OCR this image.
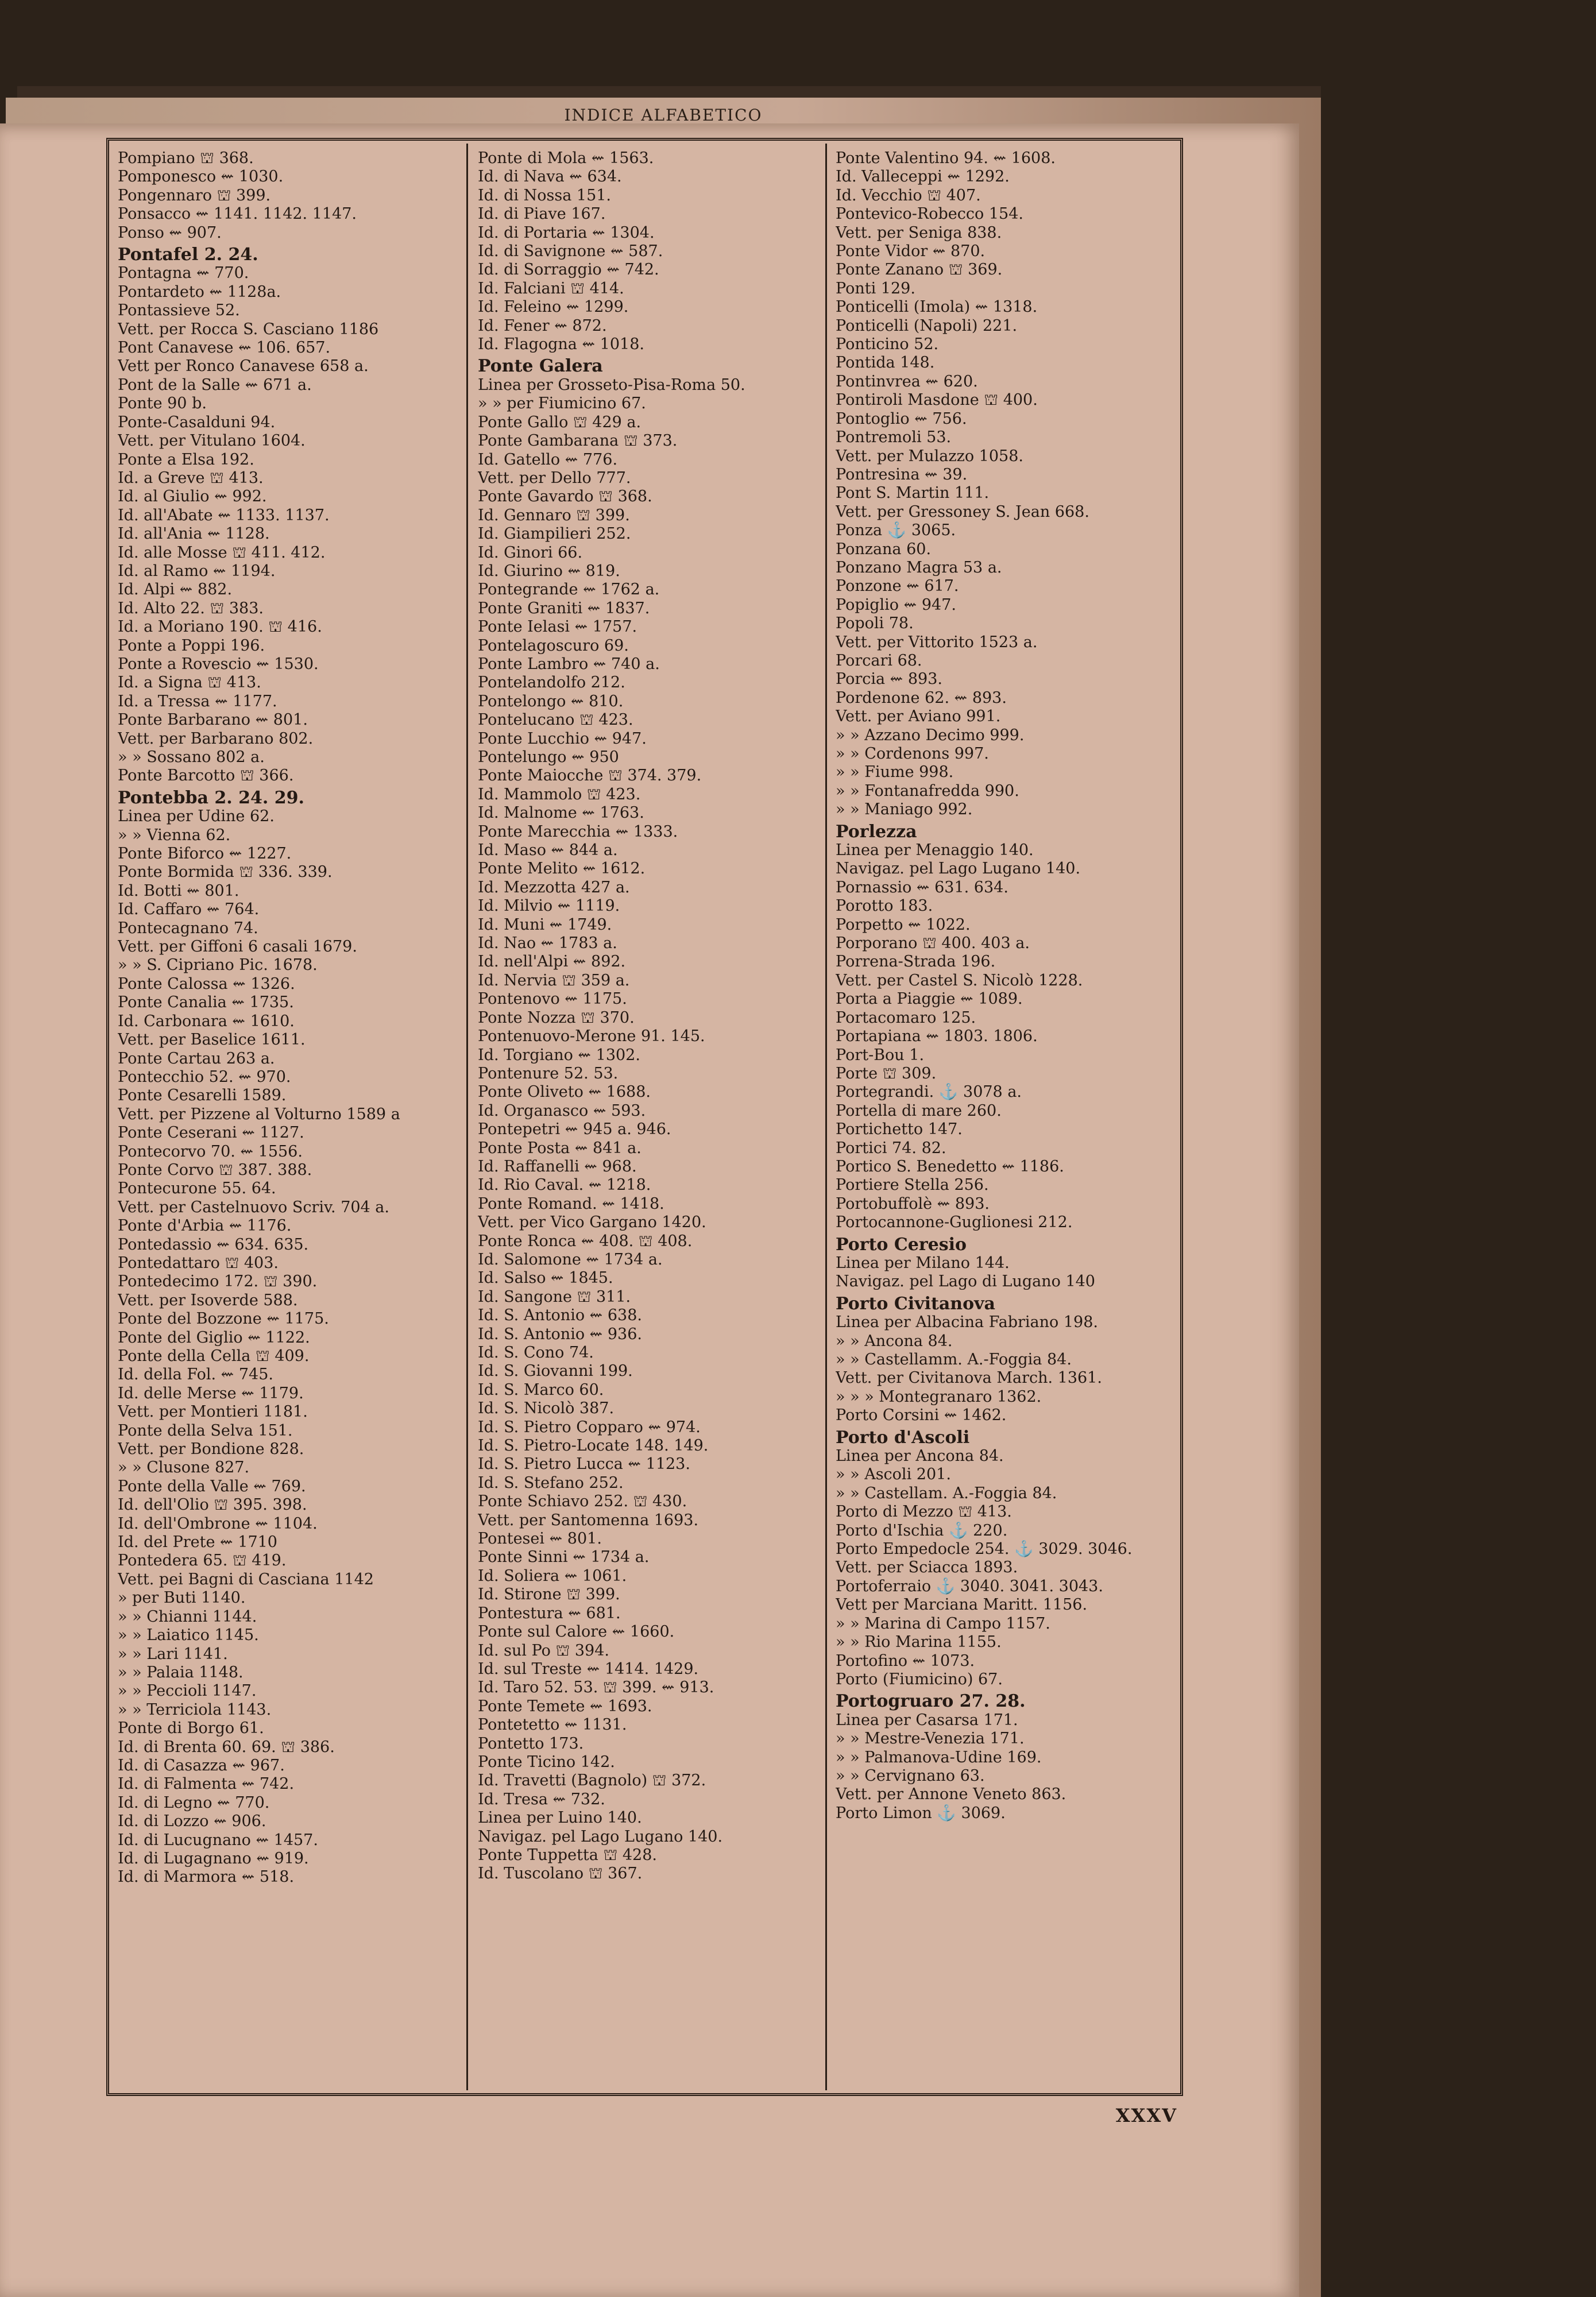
INDICE ALFABETICO
Pompiano ⛫ 368.
Pomponesco ⇜ 1030.
Pongennaro ⛫ 399.
Ponsacco ⇜ 1141. 1142. 1147.
Ponso ⇜ 907.
Pontafel 2. 24.
Pontagna ⇜ 770.
Pontardeto ⇜ 1128a.
Pontassieve 52.
Vett. per Rocca S. Casciano 1186
Pont Canavese ⇜ 106. 657.
Vett per Ronco Canavese 658 a.
Pont de la Salle ⇜ 671 a.
Ponte 90 b.
Ponte-Casalduni 94.
Vett. per Vitulano 1604.
Ponte a Elsa 192.
Id. a Greve ⛫ 413.
Id. al Giulio ⇜ 992.
Id. all'Abate ⇜ 1133. 1137.
Id. all'Ania ⇜ 1128.
Id. alle Mosse ⛫ 411. 412.
Id. al Ramo ⇜ 1194.
Id. Alpi ⇜ 882.
Id. Alto 22. ⛫ 383.
Id. a Moriano 190. ⛫ 416.
Ponte a Poppi 196.
Ponte a Rovescio ⇜ 1530.
Id. a Signa ⛫ 413.
Id. a Tressa ⇜ 1177.
Ponte Barbarano ⇜ 801.
Vett. per Barbarano 802.
» » Sossano 802 a.
Ponte Barcotto ⛫ 366.
Pontebba 2. 24. 29.
Linea per Udine 62.
» » Vienna 62.
Ponte Biforco ⇜ 1227.
Ponte Bormida ⛫ 336. 339.
Id. Botti ⇜ 801.
Id. Caffaro ⇜ 764.
Pontecagnano 74.
Vett. per Giffoni 6 casali 1679.
» » S. Cipriano Pic. 1678.
Ponte Calossa ⇜ 1326.
Ponte Canalia ⇜ 1735.
Id. Carbonara ⇜ 1610.
Vett. per Baselice 1611.
Ponte Cartau 263 a.
Pontecchio 52. ⇜ 970.
Ponte Cesarelli 1589.
Vett. per Pizzene al Volturno 1589 a
Ponte Ceserani ⇜ 1127.
Pontecorvo 70. ⇜ 1556.
Ponte Corvo ⛫ 387. 388.
Pontecurone 55. 64.
Vett. per Castelnuovo Scriv. 704 a.
Ponte d'Arbia ⇜ 1176.
Pontedassio ⇜ 634. 635.
Pontedattaro ⛫ 403.
Pontedecimo 172. ⛫ 390.
Vett. per Isoverde 588.
Ponte del Bozzone ⇜ 1175.
Ponte del Giglio ⇜ 1122.
Ponte della Cella ⛫ 409.
Id. della Fol. ⇜ 745.
Id. delle Merse ⇜ 1179.
Vett. per Montieri 1181.
Ponte della Selva 151.
Vett. per Bondione 828.
» » Clusone 827.
Ponte della Valle ⇜ 769.
Id. dell'Olio ⛫ 395. 398.
Id. dell'Ombrone ⇜ 1104.
Id. del Prete ⇜ 1710
Pontedera 65. ⛫ 419.
Vett. pei Bagni di Casciana 1142
» per Buti 1140.
» » Chianni 1144.
» » Laiatico 1145.
» » Lari 1141.
» » Palaia 1148.
» » Peccioli 1147.
» » Terriciola 1143.
Ponte di Borgo 61.
Id. di Brenta 60. 69. ⛫ 386.
Id. di Casazza ⇜ 967.
Id. di Falmenta ⇜ 742.
Id. di Legno ⇜ 770.
Id. di Lozzo ⇜ 906.
Id. di Lucugnano ⇜ 1457.
Id. di Lugagnano ⇜ 919.
Id. di Marmora ⇜ 518.
Ponte di Mola ⇜ 1563.
Id. di Nava ⇜ 634.
Id. di Nossa 151.
Id. di Piave 167.
Id. di Portaria ⇜ 1304.
Id. di Savignone ⇜ 587.
Id. di Sorraggio ⇜ 742.
Id. Falciani ⛫ 414.
Id. Feleino ⇜ 1299.
Id. Fener ⇜ 872.
Id. Flagogna ⇜ 1018.
Ponte Galera
Linea per Grosseto-Pisa-Roma 50.
» » per Fiumicino 67.
Ponte Gallo ⛫ 429 a.
Ponte Gambarana ⛫ 373.
Id. Gatello ⇜ 776.
Vett. per Dello 777.
Ponte Gavardo ⛫ 368.
Id. Gennaro ⛫ 399.
Id. Giampilieri 252.
Id. Ginori 66.
Id. Giurino ⇜ 819.
Pontegrande ⇜ 1762 a.
Ponte Graniti ⇜ 1837.
Ponte Ielasi ⇜ 1757.
Pontelagoscuro 69.
Ponte Lambro ⇜ 740 a.
Pontelandolfo 212.
Pontelongo ⇜ 810.
Pontelucano ⛫ 423.
Ponte Lucchio ⇜ 947.
Pontelungo ⇜ 950
Ponte Maiocche ⛫ 374. 379.
Id. Mammolo ⛫ 423.
Id. Malnome ⇜ 1763.
Ponte Marecchia ⇜ 1333.
Id. Maso ⇜ 844 a.
Ponte Melito ⇜ 1612.
Id. Mezzotta 427 a.
Id. Milvio ⇜ 1119.
Id. Muni ⇜ 1749.
Id. Nao ⇜ 1783 a.
Id. nell'Alpi ⇜ 892.
Id. Nervia ⛫ 359 a.
Pontenovo ⇜ 1175.
Ponte Nozza ⛫ 370.
Pontenuovo-Merone 91. 145.
Id. Torgiano ⇜ 1302.
Pontenure 52. 53.
Ponte Oliveto ⇜ 1688.
Id. Organasco ⇜ 593.
Pontepetri ⇜ 945 a. 946.
Ponte Posta ⇜ 841 a.
Id. Raffanelli ⇜ 968.
Id. Rio Caval. ⇜ 1218.
Ponte Romand. ⇜ 1418.
Vett. per Vico Gargano 1420.
Ponte Ronca ⇜ 408. ⛫ 408.
Id. Salomone ⇜ 1734 a.
Id. Salso ⇜ 1845.
Id. Sangone ⛫ 311.
Id. S. Antonio ⇜ 638.
Id. S. Antonio ⇜ 936.
Id. S. Cono 74.
Id. S. Giovanni 199.
Id. S. Marco 60.
Id. S. Nicolò 387.
Id. S. Pietro Copparo ⇜ 974.
Id. S. Pietro-Locate 148. 149.
Id. S. Pietro Lucca ⇜ 1123.
Id. S. Stefano 252.
Ponte Schiavo 252. ⛫ 430.
Vett. per Santomenna 1693.
Pontesei ⇜ 801.
Ponte Sinni ⇜ 1734 a.
Id. Soliera ⇜ 1061.
Id. Stirone ⛫ 399.
Pontestura ⇜ 681.
Ponte sul Calore ⇜ 1660.
Id. sul Po ⛫ 394.
Id. sul Treste ⇜ 1414. 1429.
Id. Taro 52. 53. ⛫ 399. ⇜ 913.
Ponte Temete ⇜ 1693.
Pontetetto ⇜ 1131.
Pontetto 173.
Ponte Ticino 142.
Id. Travetti (Bagnolo) ⛫ 372.
Id. Tresa ⇜ 732.
Linea per Luino 140.
Navigaz. pel Lago Lugano 140.
Ponte Tuppetta ⛫ 428.
Id. Tuscolano ⛫ 367.
Ponte Valentino 94. ⇜ 1608.
Id. Valleceppi ⇜ 1292.
Id. Vecchio ⛫ 407.
Pontevico-Robecco 154.
Vett. per Seniga 838.
Ponte Vidor ⇜ 870.
Ponte Zanano ⛫ 369.
Ponti 129.
Ponticelli (Imola) ⇜ 1318.
Ponticelli (Napoli) 221.
Ponticino 52.
Pontida 148.
Pontinvrea ⇜ 620.
Pontiroli Masdone ⛫ 400.
Pontoglio ⇜ 756.
Pontremoli 53.
Vett. per Mulazzo 1058.
Pontresina ⇜ 39.
Pont S. Martin 111.
Vett. per Gressoney S. Jean 668.
Ponza ⚓ 3065.
Ponzana 60.
Ponzano Magra 53 a.
Ponzone ⇜ 617.
Popiglio ⇜ 947.
Popoli 78.
Vett. per Vittorito 1523 a.
Porcari 68.
Porcia ⇜ 893.
Pordenone 62. ⇜ 893.
Vett. per Aviano 991.
» » Azzano Decimo 999.
» » Cordenons 997.
» » Fiume 998.
» » Fontanafredda 990.
» » Maniago 992.
Porlezza
Linea per Menaggio 140.
Navigaz. pel Lago Lugano 140.
Pornassio ⇜ 631. 634.
Porotto 183.
Porpetto ⇜ 1022.
Porporano ⛫ 400. 403 a.
Porrena-Strada 196.
Vett. per Castel S. Nicolò 1228.
Porta a Piaggie ⇜ 1089.
Portacomaro 125.
Portapiana ⇜ 1803. 1806.
Port-Bou 1.
Porte ⛫ 309.
Portegrandi. ⚓ 3078 a.
Portella di mare 260.
Portichetto 147.
Portici 74. 82.
Portico S. Benedetto ⇜ 1186.
Portiere Stella 256.
Portobuffolè ⇜ 893.
Portocannone-Guglionesi 212.
Porto Ceresio
Linea per Milano 144.
Navigaz. pel Lago di Lugano 140
Porto Civitanova
Linea per Albacina Fabriano 198.
» » Ancona 84.
» » Castellamm. A.-Foggia 84.
Vett. per Civitanova March. 1361.
» » » Montegranaro 1362.
Porto Corsini ⇜ 1462.
Porto d'Ascoli
Linea per Ancona 84.
» » Ascoli 201.
» » Castellam. A.-Foggia 84.
Porto di Mezzo ⛫ 413.
Porto d'Ischia ⚓ 220.
Porto Empedocle 254. ⚓ 3029. 3046.
Vett. per Sciacca 1893.
Portoferraio ⚓ 3040. 3041. 3043.
Vett per Marciana Maritt. 1156.
» » Marina di Campo 1157.
» » Rio Marina 1155.
Portofino ⇜ 1073.
Porto (Fiumicino) 67.
Portogruaro 27. 28.
Linea per Casarsa 171.
» » Mestre-Venezia 171.
» » Palmanova-Udine 169.
» » Cervignano 63.
Vett. per Annone Veneto 863.
Porto Limon ⚓ 3069.
XXXV
